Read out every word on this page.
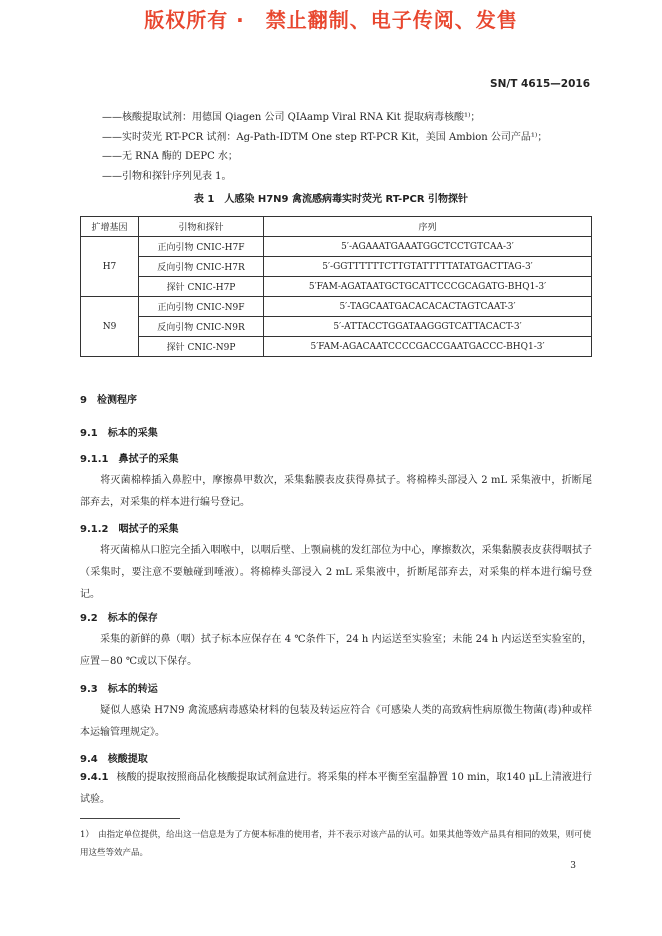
版权所有 ·　禁止翻制、电子传阅、发售
SN/T 4615—2016
——核酸提取试剂：用德国 Qiagen 公司 QIAamp Viral RNA Kit 提取病毒核酸¹⁾；
——实时荧光 RT-PCR 试剂：Ag-Path-IDTM One step RT-PCR Kit，美国 Ambion 公司产品¹⁾；
——无 RNA 酶的 DEPC 水；
——引物和探针序列见表 1。
表 1　人感染 H7N9 禽流感病毒实时荧光 RT-PCR 引物探针
扩增基因	引物和探针	序列
H7	正向引物 CNIC-H7F	5′-AGAAATGAAATGGCTCCTGTCAA-3′
	反向引物 CNIC-H7R	5′-GGTTTTTTCTTGTATTTTTATATGACTTAG-3′
	探针 CNIC-H7P	5′FAM-AGATAATGCTGCATTCCCGCAGATG-BHQ1-3′
N9	正向引物 CNIC-N9F	5′-TAGCAATGACACACACTAGTCAAT-3′
	反向引物 CNIC-N9R	5′-ATTACCTGGATAAGGGTCATTACACT-3′
	探针 CNIC-N9P	5′FAM-AGACAATCCCCGACCGAATGACCC-BHQ1-3′
9　检测程序
9.1　标本的采集
9.1.1　鼻拭子的采集
将灭菌棉棒插入鼻腔中，摩擦鼻甲数次，采集黏膜表皮获得鼻拭子。将棉棒头部浸入 2 mL 采集液中，折断尾部弃去，对采集的样本进行编号登记。
9.1.2　咽拭子的采集
将灭菌棉从口腔完全插入咽喉中，以咽后壁、上颚扁桃的发红部位为中心，摩擦数次，采集黏膜表皮获得咽拭子（采集时，要注意不要触碰到唾液）。将棉棒头部浸入 2 mL 采集液中，折断尾部弃去，对采集的样本进行编号登记。
9.2　标本的保存
采集的新鲜的鼻（咽）拭子标本应保存在 4 ℃条件下，24 h 内运送至实验室；未能 24 h 内运送至实验室的，应置－80 ℃或以下保存。
9.3　标本的转运
疑似人感染 H7N9 禽流感病毒感染材料的包装及转运应符合《可感染人类的高致病性病原微生物菌(毒)种或样本运输管理规定》。
9.4　核酸提取
9.4.1 核酸的提取按照商品化核酸提取试剂盒进行。将采集的样本平衡至室温静置 10 min，取140 μL上清液进行试验。
1）　由指定单位提供，给出这一信息是为了方便本标准的使用者，并不表示对该产品的认可。如果其他等效产品具有相同的效果，则可使用这些等效产品。
3
